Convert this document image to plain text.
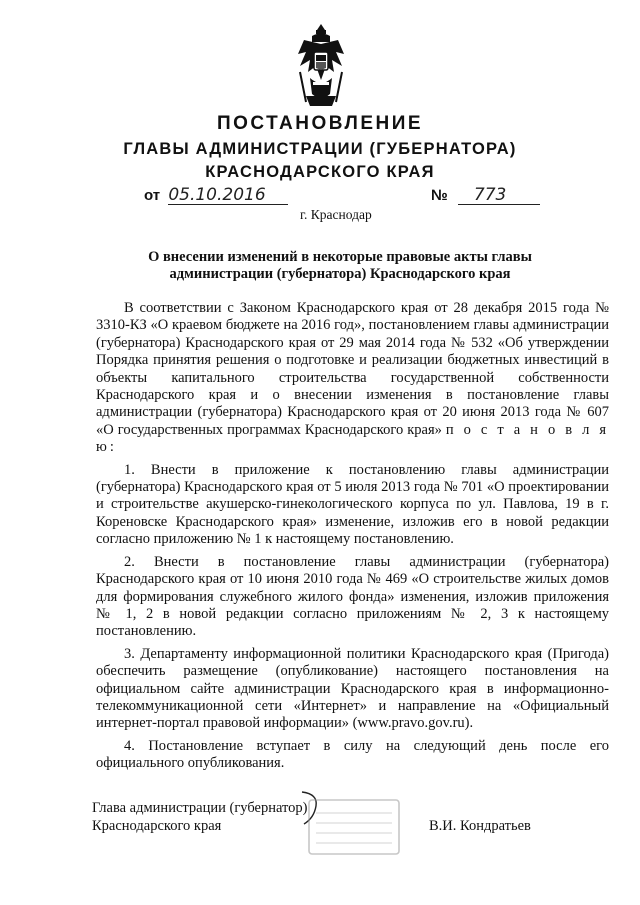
ПОСТАНОВЛЕНИЕ
ГЛАВЫ АДМИНИСТРАЦИИ (ГУБЕРНАТОРА)
КРАСНОДАРСКОГО КРАЯ
от 05.10.2016	№ 773
г. Краснодар
О внесении изменений в некоторые правовые акты главы
администрации (губернатора) Краснодарского края

В соответствии с Законом Краснодарского края от 28 декабря 2015 года № 3310-КЗ «О краевом бюджете на 2016 год», постановлением главы администрации (губернатора) Краснодарского края от 29 мая 2014 года № 532 «Об утверждении Порядка принятия решения о подготовке и реализации бюджетных инвестиций в объекты капитального строительства государственной собственности Краснодарского края и о внесении изменения в постановление главы администрации (губернатора) Краснодарского края от 20 июня 2013 года № 607 «О государственных программах Краснодарского края» п о с т а н о в л я ю:

1. Внести в приложение к постановлению главы администрации (губернатора) Краснодарского края от 5 июля 2013 года № 701 «О проектировании и строительстве акушерско-гинекологического корпуса по ул. Павлова, 19 в г. Кореновске Краснодарского края» изменение, изложив его в новой редакции согласно приложению № 1 к настоящему постановлению.

2. Внести в постановление главы администрации (губернатора) Краснодарского края от 10 июня 2010 года № 469 «О строительстве жилых домов для формирования служебного жилого фонда» изменения, изложив приложения № 1, 2 в новой редакции согласно приложениям № 2, 3 к настоящему постановлению.

3. Департаменту информационной политики Краснодарского края (Пригода) обеспечить размещение (опубликование) настоящего постановления на официальном сайте администрации Краснодарского края в информационно-телекоммуникационной сети «Интернет» и направление на «Официальный интернет-портал правовой информации» (www.pravo.gov.ru).

4. Постановление вступает в силу на следующий день после его официального опубликования.

Глава администрации (губернатор)
Краснодарского края	В.И. Кондратьев
